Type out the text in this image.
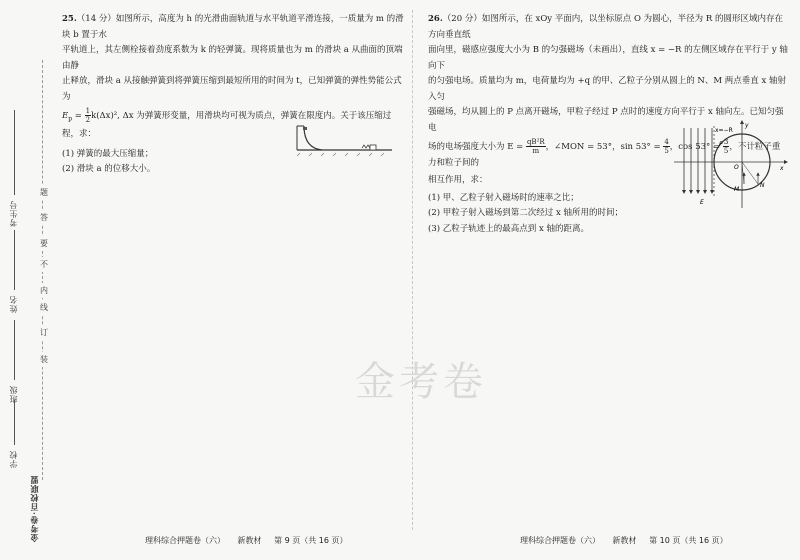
考生号
姓名
班级
学校
金考卷·百校联盟
装
订
线
内
不
要
答
题

25.（14 分）如图所示，高度为 h 的光滑曲面轨道与水平轨道平滑连接，一质量为 m 的滑块 b 置于水

平轨道上，其左侧栓接着劲度系数为 k 的轻弹簧。现将质量也为 m 的滑块 a 从曲面的顶端由静

止释放，滑块 a 从接触弹簧到将弹簧压缩到最短所用的时间为 t，已知弹簧的弹性势能公式为

$E_p = \frac{1}{2} k(\Delta x)^2$, Δx 为弹簧形变量，用滑块均可视为质点，弹簧在限度内。关于该压缩过程，求：

(1) 弹簧的最大压缩量；

(2) 滑块 a 的位移大小。

26.（20 分）如图所示，在 xOy 平面内，以坐标原点 O 为圆心，半径为 R 的圆形区域内存在方向垂直纸

面向里，磁感应强度大小为 B 的匀强磁场（未画出），直线 x = −R 的左侧区域存在平行于 y 轴向下

的匀强电场。质量均为 m，电荷量均为 +q 的甲、乙粒子分别从圆上的 N、M 两点垂直 x 轴射入匀

强磁场，均从圆上的 P 点离开磁场，甲粒子经过 P 点时的速度方向平行于 x 轴向左。已知匀强电

场的电场强度大小为 $E = \frac{\text{qB²R}}{m}$ ，∠MON = 53°，$\sin 53^\circ = \frac{4}{5}$ ，$\cos 53^\circ = \frac{3}{5}$ ，不计粒子重力和粒子间的

相互作用，求：

(1) 甲、乙粒子射入磁场时的速率之比；

(2) 甲粒子射入磁场到第二次经过 x 轴所用的时间；

(3) 乙粒子轨迹上的最高点到 x 轴的距离。

x=−R
y
x
P
O
M
N
E
金考卷
理科综合押题卷（六） 新教材 第 9 页（共 16 页）	理科综合押题卷（六） 新教材 第 10 页（共 16 页）
